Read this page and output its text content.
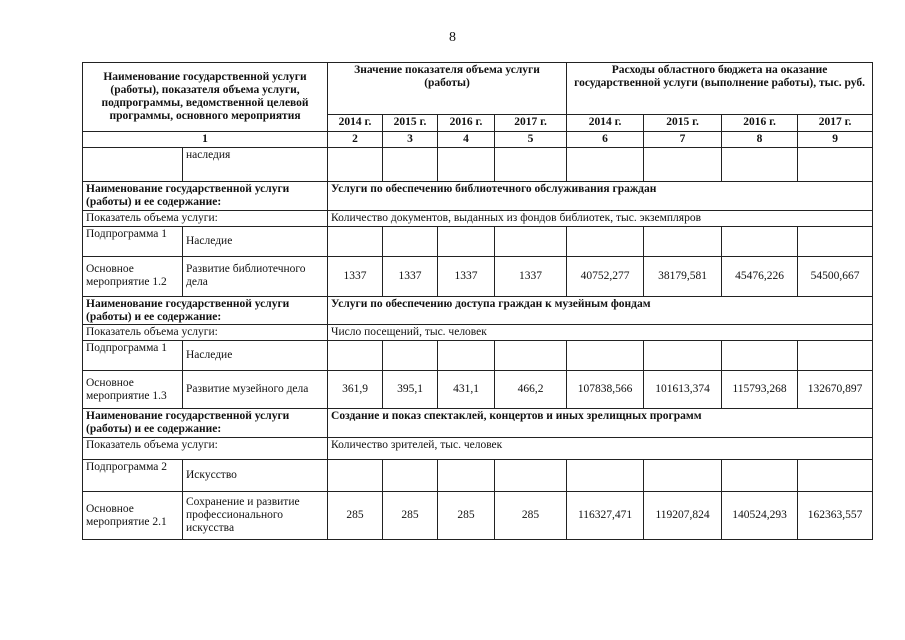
8
Наименование государственной услуги (работы), показателя объема услуги, подпрограммы, ведомственной целевой программы, основного мероприятия		Значение показателя объема услуги (работы)				Расходы областного бюджета на оказание государственной услуги (выполнение работы), тыс. руб.			
		2014 г.	2015 г.	2016 г.	2017 г.	2014 г.	2015 г.	2016 г.	2017 г.
1		2	3	4	5	6	7	8	9
	наследия								
Наименование государственной услуги (работы) и ее содержание:		Услуги по обеспечению библиотечного обслуживания граждан							
Показатель объема услуги:		Количество документов, выданных из фондов библиотек, тыс. экземпляров							
Подпрограмма 1	Наследие								
Основное мероприятие 1.2	Развитие библиотечного дела	1337	1337	1337	1337	40752,277	38179,581	45476,226	54500,667
Наименование государственной услуги (работы) и ее содержание:		Услуги по обеспечению доступа граждан к музейным фондам							
Показатель объема услуги:		Число посещений, тыс. человек							
Подпрограмма 1	Наследие								
Основное мероприятие 1.3	Развитие музейного дела	361,9	395,1	431,1	466,2	107838,566	101613,374	115793,268	132670,897
Наименование государственной услуги (работы) и ее содержание:		Создание и показ спектаклей, концертов и иных зрелищных программ							
Показатель объема услуги:		Количество зрителей, тыс. человек							
Подпрограмма 2	Искусство								
Основное мероприятие 2.1	Сохранение и развитие профессионального искусства	285	285	285	285	116327,471	119207,824	140524,293	162363,557
